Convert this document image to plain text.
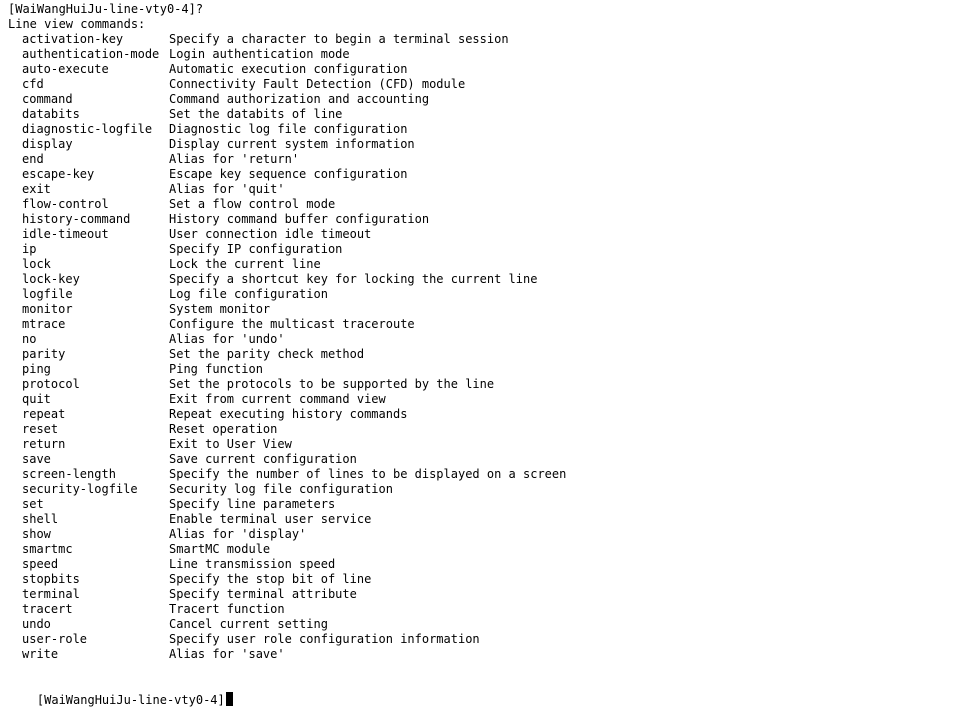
[WaiWangHuiJu-line-vty0-4]?
Line view commands:
activation-key	Specify a character to begin a terminal session
authentication-mode Login authentication mode
auto-execute	Automatic execution configuration
cfd	Connectivity Fault Detection (CFD) module
command	Command authorization and accounting
databits	Set the databits of line
diagnostic-logfile Diagnostic log file configuration
display	Display current system information
end	Alias for 'return'
escape-key	Escape key sequence configuration
exit	Alias for 'quit'
flow-control	Set a flow control mode
history-command	History command buffer configuration
idle-timeout	User connection idle timeout
ip	Specify IP configuration
lock	Lock the current line
lock-key	Specify a shortcut key for locking the current line
logfile	Log file configuration
monitor	System monitor
mtrace	Configure the multicast traceroute
no	Alias for 'undo'
parity	Set the parity check method
ping	Ping function
protocol	Set the protocols to be supported by the line
quit	Exit from current command view
repeat	Repeat executing history commands
reset	Reset operation
return	Exit to User View
save	Save current configuration
screen-length	Specify the number of lines to be displayed on a screen
security-logfile	Security log file configuration
set	Specify line parameters
shell	Enable terminal user service
show	Alias for 'display'
smartmc	SmartMC module
speed	Line transmission speed
stopbits	Specify the stop bit of line
terminal	Specify terminal attribute
tracert	Tracert function
undo	Cancel current setting
user-role	Specify user role configuration information
write	Alias for 'save'

[WaiWangHuiJu-line-vty0-4]
